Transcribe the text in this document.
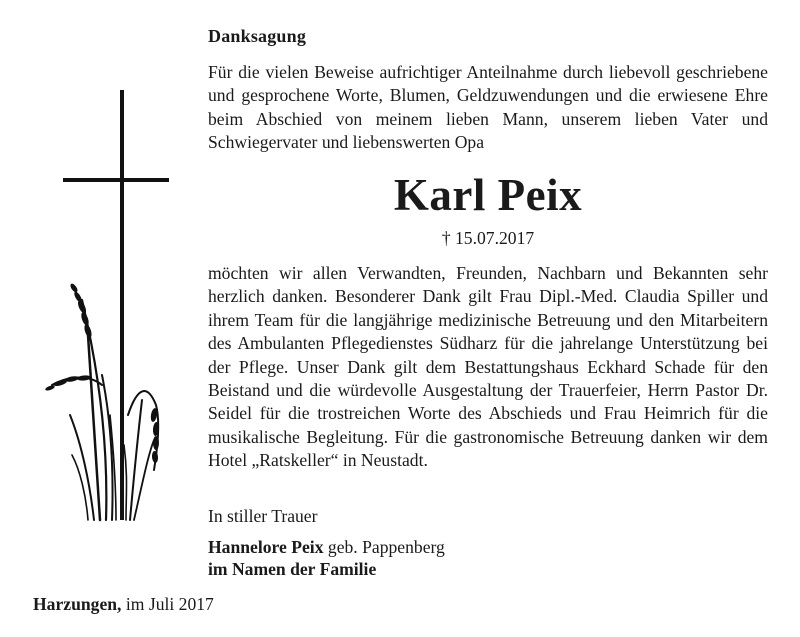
Danksagung
Für die vielen Beweise aufrichtiger Anteilnahme durch liebevoll geschriebene und gesprochene Worte, Blumen, Geldzuwendungen und die erwiesene Ehre beim Abschied von meinem lieben Mann, unserem lieben Vater und Schwiegervater und liebenswerten Opa
Karl Peix
† 15.07.2017
möchten wir allen Verwandten, Freunden, Nachbarn und Bekannten sehr herzlich danken. Besonderer Dank gilt Frau Dipl.-Med. Claudia Spiller und ihrem Team für die langjährige medizinische Betreuung und den Mitarbeitern des Ambulanten Pflegedienstes Südharz für die jahrelange Unterstützung bei der Pflege. Unser Dank gilt dem Bestattungshaus Eckhard Schade für den Beistand und die würdevolle Ausgestaltung der Trauerfeier, Herrn Pastor Dr. Seidel für die trostreichen Worte des Abschieds und Frau Heimrich für die musikalische Begleitung. Für die gastronomische Betreuung danken wir dem Hotel „Ratskeller“ in Neustadt.
In stiller Trauer
Hannelore Peix geb. Pappenberg
im Namen der Familie
Harzungen, im Juli 2017
